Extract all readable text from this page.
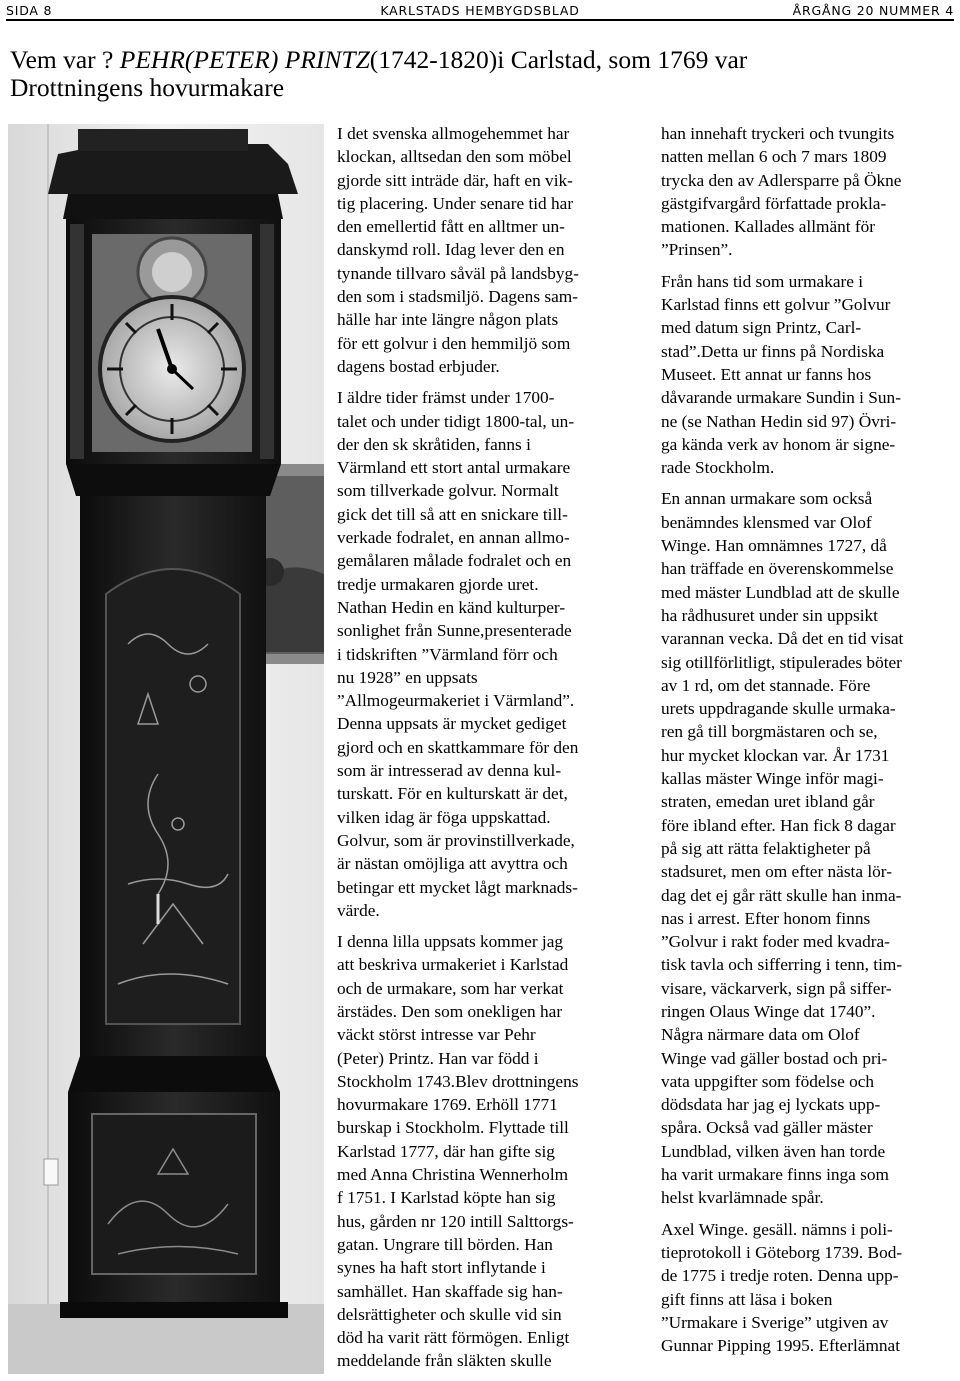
SIDA 8	KARLSTADS HEMBYGDSBLAD	ÅRGÅNG 20 NUMMER 4
Vem var ? PEHR(PETER) PRINTZ(1742-1820)i Carlstad, som 1769 var
Drottningens hovurmakare

I det svenska allmogehemmet har
klockan, alltsedan den som möbel
gjorde sitt inträde där, haft en vik-
tig placering. Under senare tid har
den emellertid fått en alltmer un-
danskymd roll. Idag lever den en
tynande tillvaro såväl på landsbyg-
den som i stadsmiljö. Dagens sam-
hälle har inte längre någon plats
för ett golvur i den hemmiljö som
dagens bostad erbjuder.

I äldre tider främst under 1700-
talet och under tidigt 1800-tal, un-
der den sk skråtiden, fanns i
Värmland ett stort antal urmakare
som tillverkade golvur. Normalt
gick det till så att en snickare till-
verkade fodralet, en annan allmo-
gemålaren målade fodralet och en
tredje urmakaren gjorde uret.
Nathan Hedin en känd kulturper-
sonlighet från Sunne,presenterade
i tidskriften ”Värmland förr och
nu 1928” en uppsats
”Allmogeurmakeriet i Värmland”.
Denna uppsats är mycket gediget
gjord och en skattkammare för den
som är intresserad av denna kul-
turskatt. För en kulturskatt är det,
vilken idag är föga uppskattad.
Golvur, som är provinstillverkade,
är nästan omöjliga att avyttra och
betingar ett mycket lågt marknads-
värde.

I denna lilla uppsats kommer jag
att beskriva urmakeriet i Karlstad
och de urmakare, som har verkat
ärstädes. Den som onekligen har
väckt störst intresse var Pehr
(Peter) Printz. Han var född i
Stockholm 1743.Blev drottningens
hovurmakare 1769. Erhöll 1771
burskap i Stockholm. Flyttade till
Karlstad 1777, där han gifte sig
med Anna Christina Wennerholm
f 1751. I Karlstad köpte han sig
hus, gården nr 120 intill Salttorgs-
gatan. Ungrare till börden. Han
synes ha haft stort inflytande i
samhället. Han skaffade sig han-
delsrättigheter och skulle vid sin
död ha varit rätt förmögen. Enligt
meddelande från släkten skulle

han innehaft tryckeri och tvungits
natten mellan 6 och 7 mars 1809
trycka den av Adlersparre på Ökne
gästgifvargård författade prokla-
mationen. Kallades allmänt för
”Prinsen”.

Från hans tid som urmakare i
Karlstad finns ett golvur ”Golvur
med datum sign Printz, Carl-
stad”.Detta ur finns på Nordiska
Museet. Ett annat ur fanns hos
dåvarande urmakare Sundin i Sun-
ne (se Nathan Hedin sid 97) Övri-
ga kända verk av honom är signe-
rade Stockholm.

En annan urmakare som också
benämndes klensmed var Olof
Winge. Han omnämnes 1727, då
han träffade en överenskommelse
med mäster Lundblad att de skulle
ha rådhusuret under sin uppsikt
varannan vecka. Då det en tid visat
sig otillförlitligt, stipulerades böter
av 1 rd, om det stannade. Före
urets uppdragande skulle urmaka-
ren gå till borgmästaren och se,
hur mycket klockan var. År 1731
kallas mäster Winge inför magi-
straten, emedan uret ibland går
före ibland efter. Han fick 8 dagar
på sig att rätta felaktigheter på
stadsuret, men om efter nästa lör-
dag det ej går rätt skulle han inma-
nas i arrest. Efter honom finns
”Golvur i rakt foder med kvadra-
tisk tavla och sifferring i tenn, tim-
visare, väckarverk, sign på siffer-
ringen Olaus Winge dat 1740”.
Några närmare data om Olof
Winge vad gäller bostad och pri-
vata uppgifter som födelse och
dödsdata har jag ej lyckats upp-
spåra. Också vad gäller mäster
Lundblad, vilken även han torde
ha varit urmakare finns inga som
helst kvarlämnade spår.

Axel Winge. gesäll. nämns i poli-
tieprotokoll i Göteborg 1739. Bod-
de 1775 i tredje roten. Denna upp-
gift finns att läsa i boken
”Urmakare i Sverige” utgiven av
Gunnar Pipping 1995. Efterlämnat
